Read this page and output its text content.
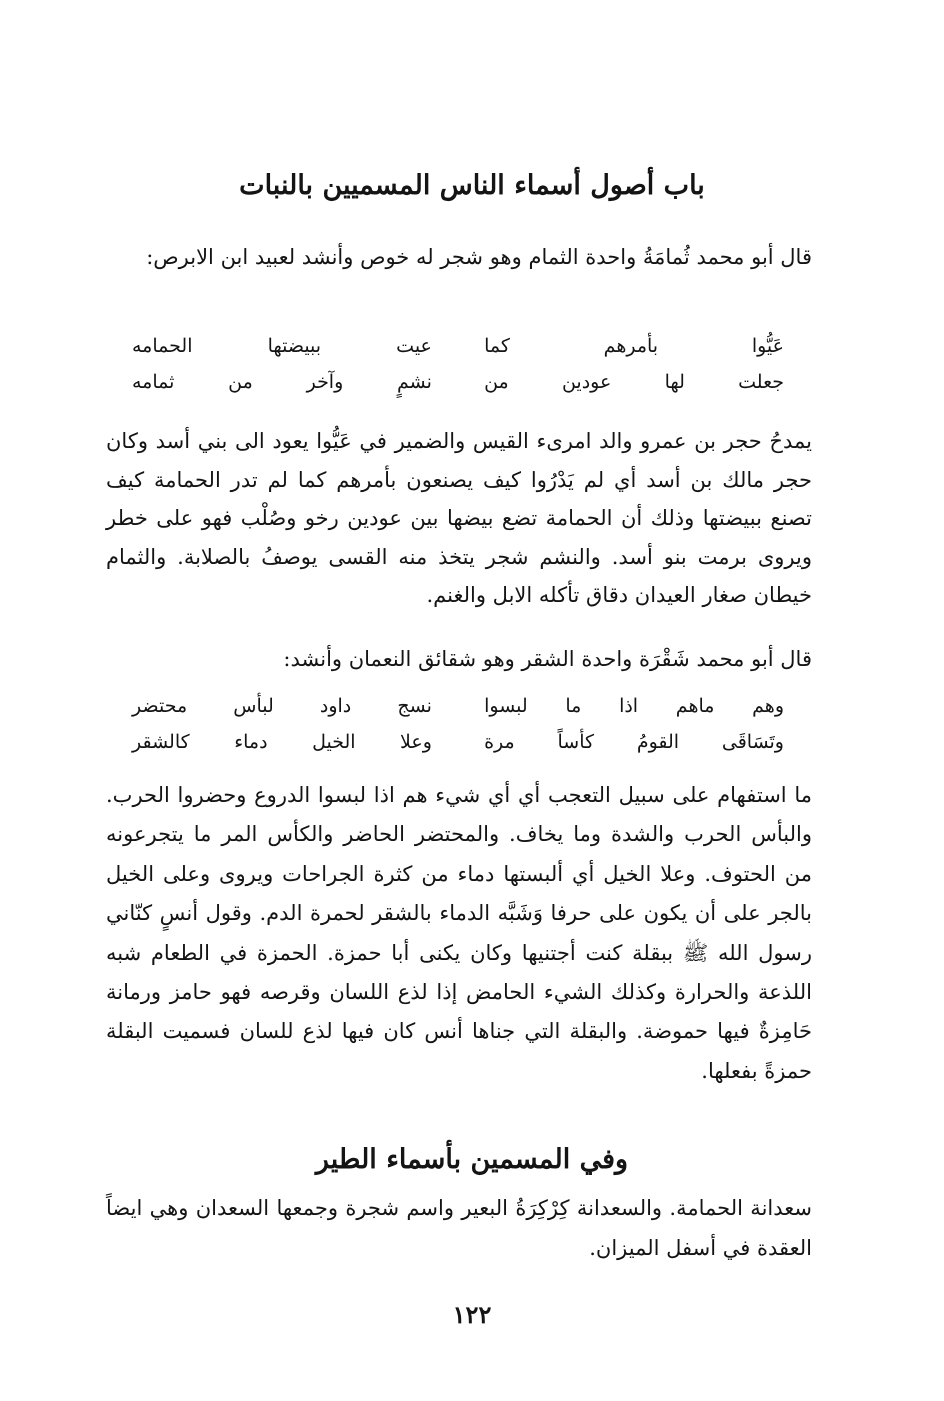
باب أصول أسماء الناس المسميين بالنبات

قال أبو محمد ثُمامَةُ واحدة الثمام وهو شجر له خوص وأنشد لعبيد ابن الابرص:

عَيُّوا بأمرهم كما
عيت ببيضتها الحمامه
جعلت لها عودين من
نشمٍ وآخر من ثمامه

يمدحُ حجر بن عمرو والد امرىء القيس والضمير في عَيُّوا يعود الى بني أسد وكان حجر مالك بن أسد أي لم يَدْرُوا كيف يصنعون بأمرهم كما لم تدر الحمامة كيف تصنع ببيضتها وذلك أن الحمامة تضع بيضها بين عودين رخو وصُلْب فهو على خطر ويروى برمت بنو أسد. والنشم شجر يتخذ منه القسى يوصفُ بالصلابة. والثمام خيطان صغار العيدان دقاق تأكله الابل والغنم.

قال أبو محمد شَقْرَة واحدة الشقر وهو شقائق النعمان وأنشد:

وهم ماهم اذا ما لبسوا
نسج داود لبأس محتضر
وتَسَاقَى القومُ كأساً مرة
وعلا الخيل دماء كالشقر

ما استفهام على سبيل التعجب أي أي شيء هم اذا لبسوا الدروع وحضروا الحرب. والبأس الحرب والشدة وما يخاف. والمحتضر الحاضر والكأس المر ما يتجرعونه من الحتوف. وعلا الخيل أي ألبستها دماء من كثرة الجراحات ويروى وعلى الخيل بالجر على أن يكون على حرفا وَشَبَّه الدماء بالشقر لحمرة الدم. وقول أنسٍ كنّاني رسول الله ﷺ ببقلة كنت أجتنيها وكان يكنى أبا حمزة. الحمزة في الطعام شبه اللذعة والحرارة وكذلك الشيء الحامض إذا لذع اللسان وقرصه فهو حامز ورمانة حَامِزةٌ فيها حموضة. والبقلة التي جناها أنس كان فيها لذع للسان فسميت البقلة حمزةً بفعلها.

وفي المسمين بأسماء الطير

سعدانة الحمامة. والسعدانة كِرْكِرَةُ البعير واسم شجرة وجمعها السعدان وهي ايضاً العقدة في أسفل الميزان.

١٢٢
